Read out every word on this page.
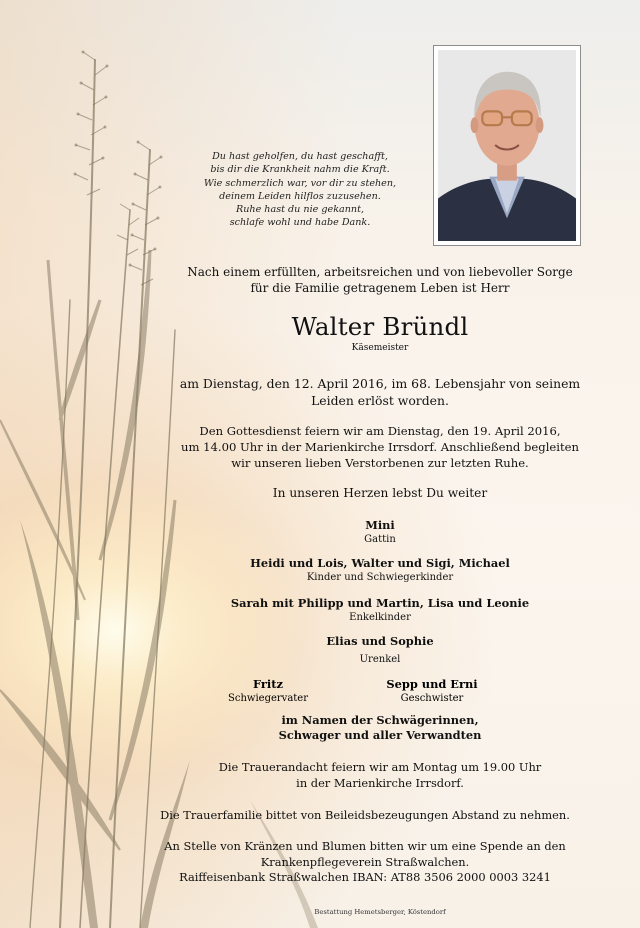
Du hast geholfen, du hast geschafft,
bis dir die Krankheit nahm die Kraft.
Wie schmerzlich war, vor dir zu stehen,
deinem Leiden hilflos zuzusehen.
Ruhe hast du nie gekannt,
schlafe wohl und habe Dank.
Nach einem erfüllten, arbeitsreichen und von liebevoller Sorge
für die Familie getragenem Leben ist Herr
Walter Bründl
Käsemeister
am Dienstag, den 12. April 2016, im 68. Lebensjahr von seinem
Leiden erlöst worden.
Den Gottesdienst feiern wir am Dienstag, den 19. April 2016,
um 14.00 Uhr in der Marienkirche Irrsdorf. Anschließend begleiten
wir unseren lieben Verstorbenen zur letzten Ruhe.
In unseren Herzen lebst Du weiter
Mini
Gattin
Heidi und Lois, Walter und Sigi, Michael
Kinder und Schwiegerkinder
Sarah mit Philipp und Martin, Lisa und Leonie
Enkelkinder
Elias und Sophie
Urenkel
Fritz
Schwiegervater
Sepp und Erni
Geschwister
im Namen der Schwägerinnen,
Schwager und aller Verwandten
Die Trauerandacht feiern wir am Montag um 19.00 Uhr
in der Marienkirche Irrsdorf.
Die Trauerfamilie bittet von Beileidsbezeugungen Abstand zu nehmen.
An Stelle von Kränzen und Blumen bitten wir um eine Spende an den
Krankenpflegeverein Straßwalchen.
Raiffeisenbank Straßwalchen IBAN: AT88 3506 2000 0003 3241
Bestattung Hemetsberger, Köstendorf
